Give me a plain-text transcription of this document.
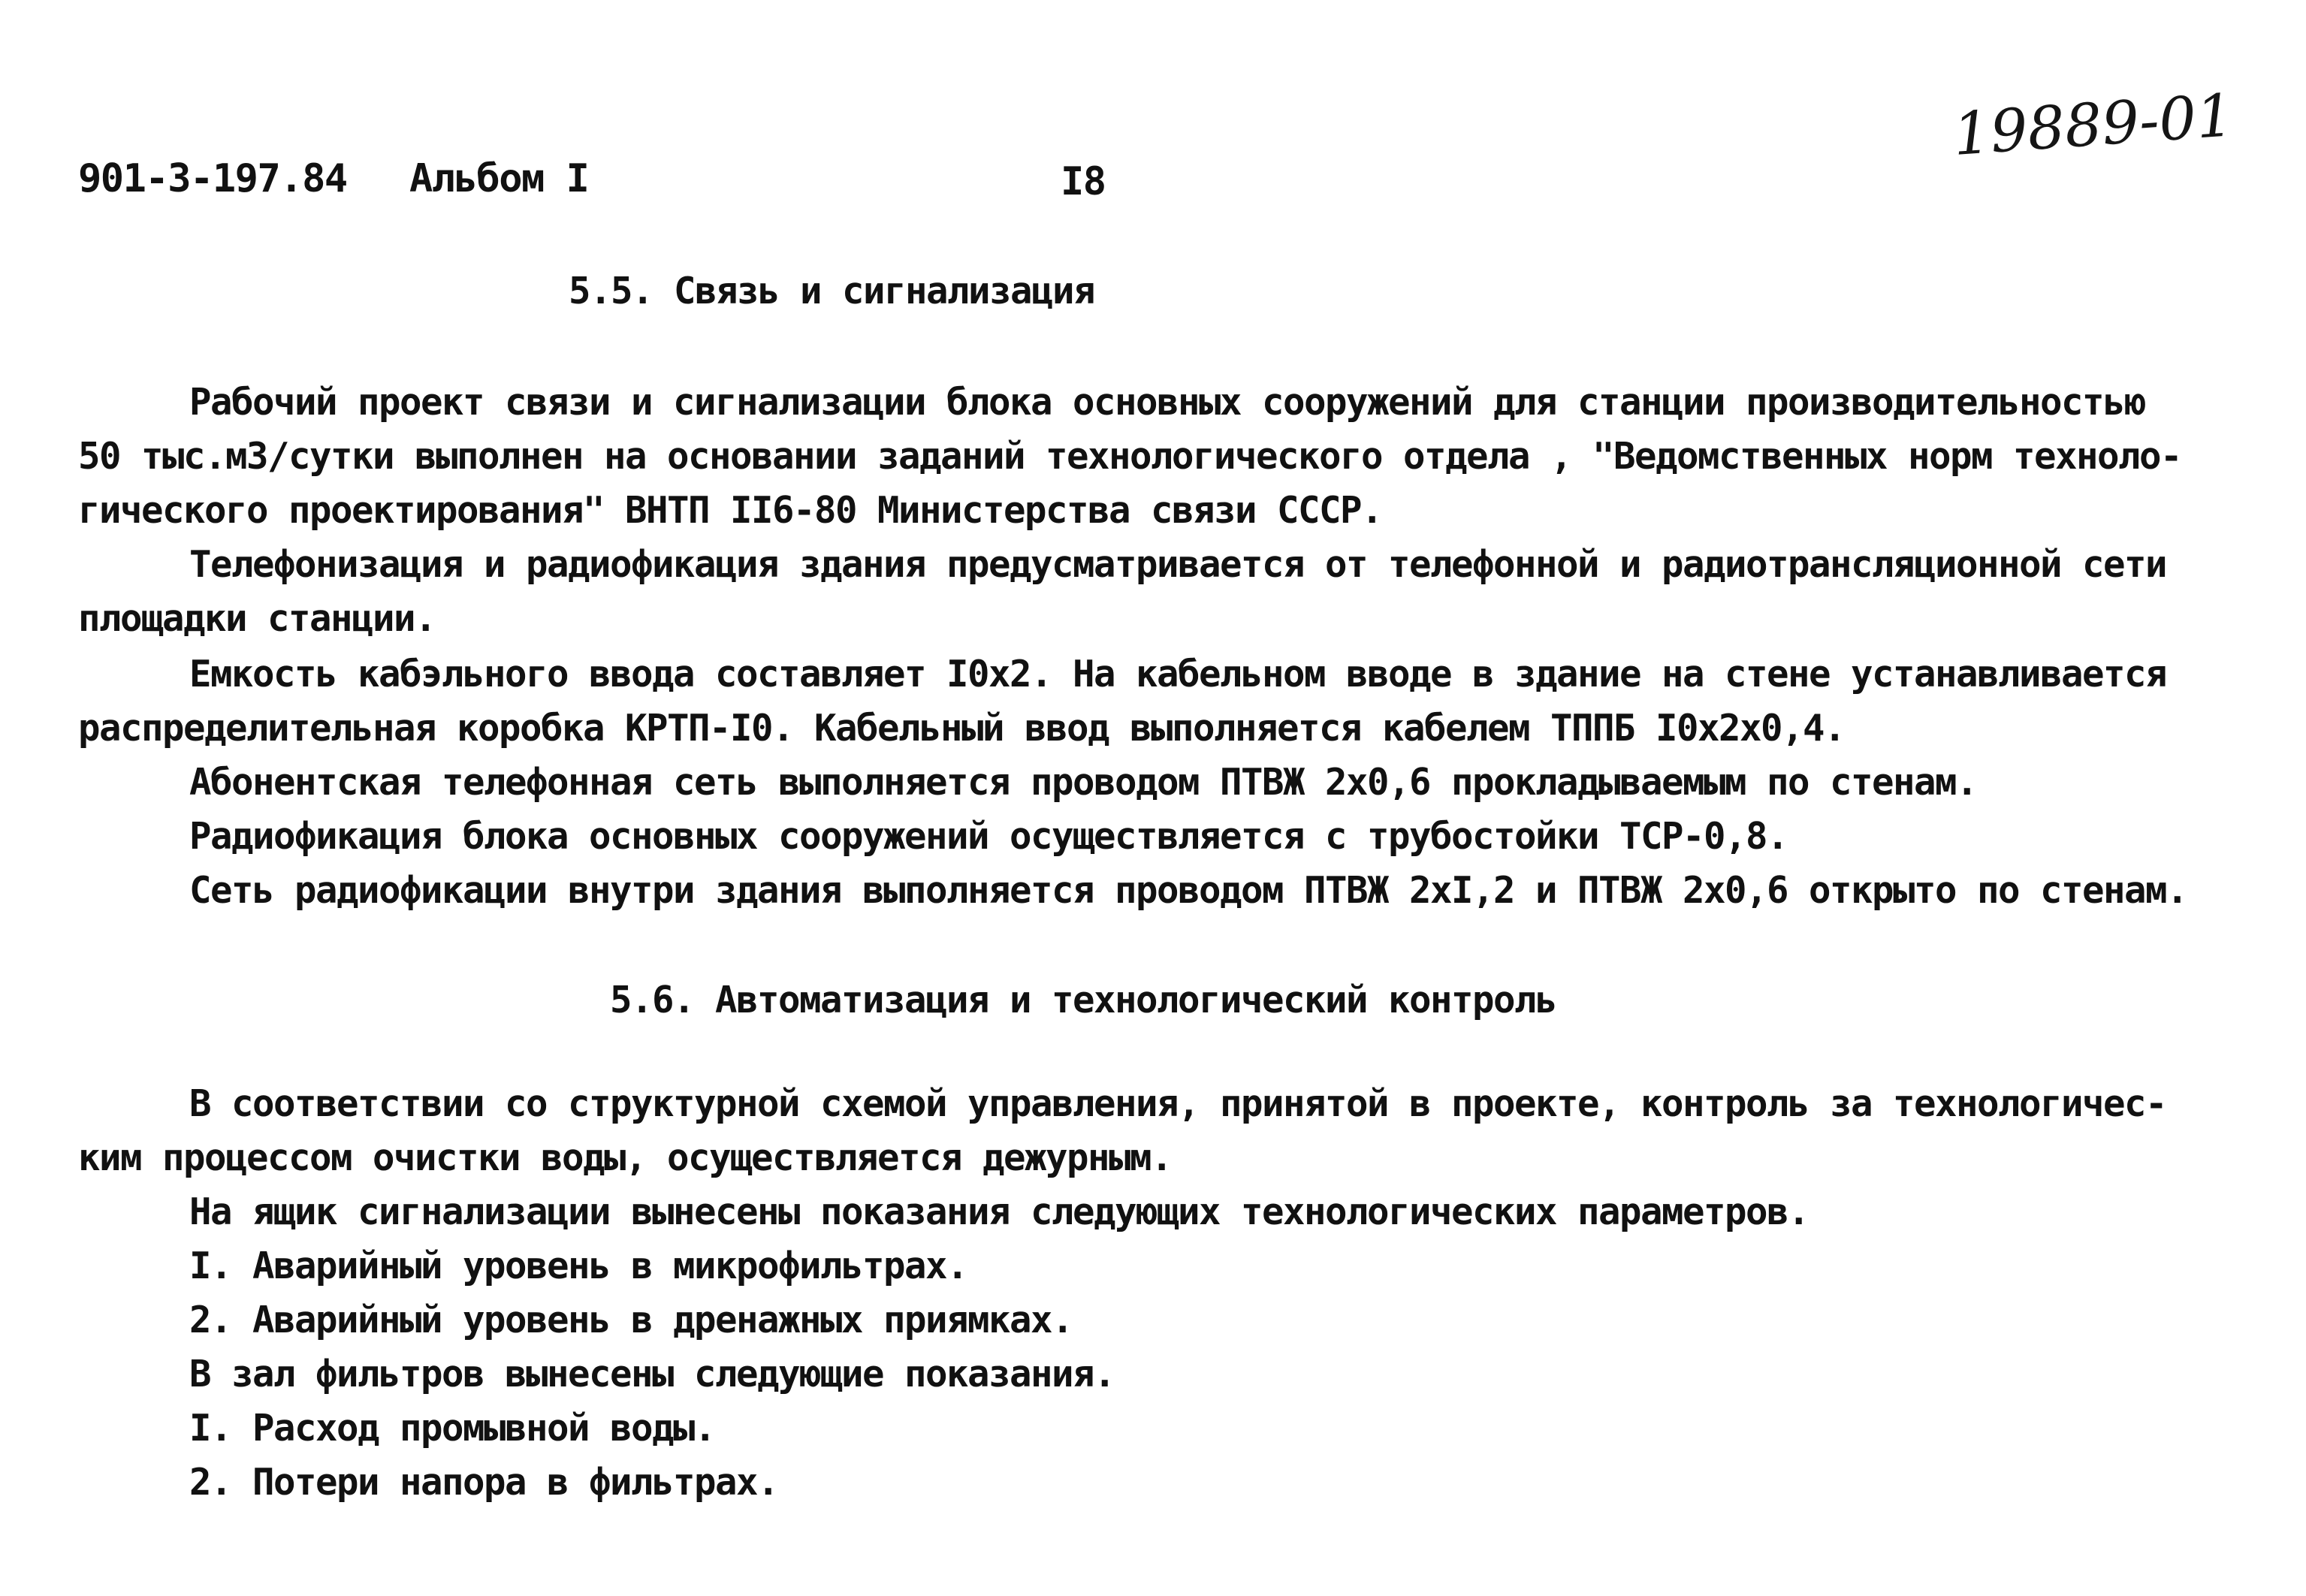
901-3-197.84 Альбом I	I8
19889-01
5.5. Связь и сигнализация
Рабочий проект связи и сигнализации блока основных сооружений для станции производительностью
50 тыс.м3/сутки выполнен на основании заданий технологического отдела , "Ведомственных норм техноло-
гического проектирования" ВНТП II6-80 Министерства связи СССР.
Телефонизация и радиофикация здания предусматривается от телефонной и радиотрансляционной сети
площадки станции.
Емкость кабэльного ввода составляет I0x2. На кабельном вводе в здание на стене устанавливается
распределительная коробка КРТП-I0. Кабельный ввод выполняется кабелем ТППБ I0x2x0,4.
Абонентская телефонная сеть выполняется проводом ПТВЖ 2x0,6 прокладываемым по стенам.
Радиофикация блока основных сооружений осуществляется с трубостойки ТСР-0,8.
Сеть радиофикации внутри здания выполняется проводом ПТВЖ 2xI,2 и ПТВЖ 2x0,6 открыто по стенам.
5.6. Автоматизация и технологический контроль
В соответствии со структурной схемой управления, принятой в проекте, контроль за технологичес-
ким процессом очистки воды, осуществляется дежурным.
На ящик сигнализации вынесены показания следующих технологических параметров.
I. Аварийный уровень в микрофильтрах.
2. Аварийный уровень в дренажных приямках.
В зал фильтров вынесены следующие показания.
I. Расход промывной воды.
2. Потери напора в фильтрах.
